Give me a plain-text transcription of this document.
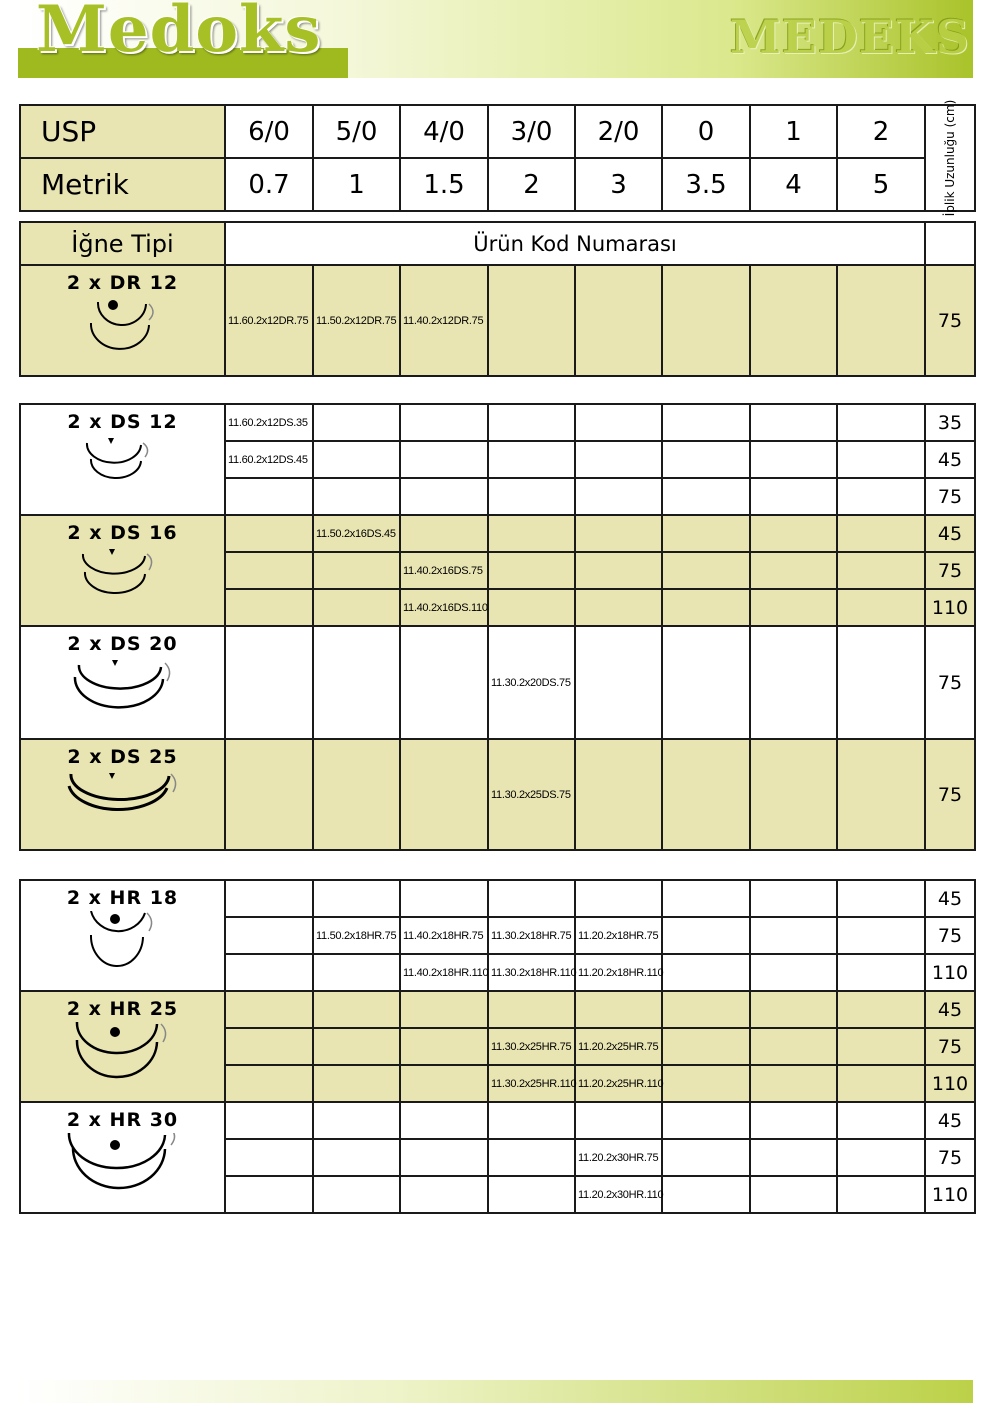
Medoks	MEDEKS
USP	6/0	5/0	4/0	3/0	2/0	0	1	2	İplik Uzunluğu (cm)

Metrik	0.7	1	1.5	2	3	3.5	4	5	
İğne Tipi	Ürün Kod Numarası								

2 x DR 12	11.60.2x12DR.75	11.50.2x12DR.75	11.40.2x12DR.75						75
2 x DS 12	11.60.2x12DS.35								35
	11.60.2x12DS.45								45
									75

2 x DS 16		11.50.2x16DS.45							45
			11.40.2x16DS.75						75
			11.40.2x16DS.110						110

2 x DS 20				11.30.2x20DS.75					75

2 x DS 25				11.30.2x25DS.75					75
2 x HR 18									45
		11.50.2x18HR.75	11.40.2x18HR.75	11.30.2x18HR.75	11.20.2x18HR.75				75
			11.40.2x18HR.110	11.30.2x18HR.110	11.20.2x18HR.110				110

2 x HR 25									45
				11.30.2x25HR.75	11.20.2x25HR.75				75
				11.30.2x25HR.110	11.20.2x25HR.110				110

2 x HR 30									45
					11.20.2x30HR.75				75
					11.20.2x30HR.110				110
